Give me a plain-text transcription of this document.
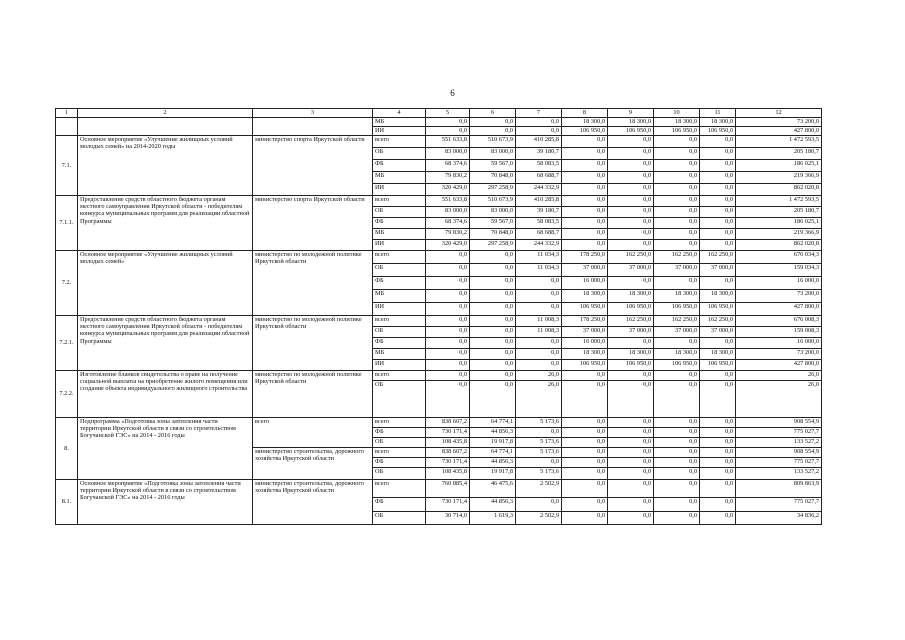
6
1	2	3	4	5	6	7	8	9	10	11	12
			МБ	0,0	0,0	0,0	18 300,0	18 300,0	18 300,0	18 300,0	73 200,0
			ИИ	0,0	0,0	0,0	106 950,0	106 950,0	106 950,0	106 950,0	427 800,0
7.1.	Основное мероприятие «Улучшение жилищных условий молодых семей» на 2014-2020 годы	министерство спорта Иркутской области	всего	551 633,8	510 673,9	410 285,8	0,0	0,0	0,0	0,0	1 472 593,5
			ОБ	83 000,0	83 000,0	39 180,7	0,0	0,0	0,0	0,0	205 180,7
			ФБ	68 374,6	59 567,0	58 083,5	0,0	0,0	0,0	0,0	186 025,1
			МБ	79 830,2	70 848,0	68 688,7	0,0	0,0	0,0	0,0	219 366,9
			ИИ	320 429,0	297 258,9	244 332,9	0,0	0,0	0,0	0,0	862 020,8
7.1.1.	Предоставление средств областного бюджета органам местного самоуправления Иркутской области - победителям конкурса муниципальных программ для реализации областной Программы	министерство спорта Иркутской области	всего	551 633,8	510 673,9	410 285,8	0,0	0,0	0,0	0,0	1 472 593,5
			ОБ	83 000,0	83 000,0	39 180,7	0,0	0,0	0,0	0,0	205 180,7
			ФБ	68 374,6	59 567,0	58 083,5	0,0	0,0	0,0	0,0	186 025,1
			МБ	79 830,2	70 848,0	68 688,7	0,0	0,0	0,0	0,0	219 366,9
			ИИ	320 429,0	297 258,9	244 332,9	0,0	0,0	0,0	0,0	862 020,8
7.2.	Основное мероприятие «Улучшение жилищных условий молодых семей»	министерство по молодежной политике Иркутской области	всего	0,0	0,0	11 034,3	178 250,0	162 250,0	162 250,0	162 250,0	676 034,3
			ОБ	0,0	0,0	11 034,3	37 000,0	37 000,0	37 000,0	37 000,0	159 034,3
			ФБ	0,0	0,0	0,0	16 000,0	0,0	0,0	0,0	16 000,0
			МБ	0,0	0,0	0,0	18 300,0	18 300,0	18 300,0	18 300,0	73 200,0
			ИИ	0,0	0,0	0,0	106 950,0	106 950,0	106 950,0	106 950,0	427 800,0
7.2.1.	Предоставление средств областного бюджета органам местного самоуправления Иркутской области - победителям конкурса муниципальных программ для реализации областной Программы	министерство по молодежной политике Иркутской области	всего	0,0	0,0	11 008,3	178 250,0	162 250,0	162 250,0	162 250,0	676 008,3
			ОБ	0,0	0,0	11 008,3	37 000,0	37 000,0	37 000,0	37 000,0	159 008,3
			ФБ	0,0	0,0	0,0	16 000,0	0,0	0,0	0,0	16 000,0
			МБ	0,0	0,0	0,0	18 300,0	18 300,0	18 300,0	18 300,0	73 200,0
			ИИ	0,0	0,0	0,0	106 950,0	106 950,0	106 950,0	106 950,0	427 800,0
7.2.2.	Изготовление бланков свидетельства о праве на получение социальной выплаты на приобретение жилого помещения или создание объекта индивидуального жилищного строительства	министерство по молодежной политике Иркутской области	всего	0,0	0,0	26,0	0,0	0,0	0,0	0,0	26,0
			ОБ	0,0	0,0	26,0	0,0	0,0	0,0	0,0	26,0
8.	Подпрограмма «Подготовка зоны затопления части территории Иркутской области в связи со строительством Богучанской ГЭС» на 2014 - 2016 годы	всего	всего	838 607,2	64 774,1	5 173,6	0,0	0,0	0,0	0,0	908 554,9
			ФБ	730 171,4	44 856,3	0,0	0,0	0,0	0,0	0,0	775 027,7
			ОБ	108 435,8	19 917,8	5 173,6	0,0	0,0	0,0	0,0	133 527,2
		министерство строительства, дорожного хозяйства Иркутской области	всего	838 607,2	64 774,1	5 173,6	0,0	0,0	0,0	0,0	908 554,9
			ФБ	730 171,4	44 856,3	0,0	0,0	0,0	0,0	0,0	775 027,7
			ОБ	108 435,8	19 917,8	5 173,6	0,0	0,0	0,0	0,0	133 527,2
8.1.	Основное мероприятие «Подготовка зоны затопления части территории Иркутской области в связи со строительством Богучанской ГЭС» на 2014 - 2016 годы	министерство строительства, дорожного хозяйства Иркутской области	всего	760 885,4	46 475,6	2 502,9	0,0	0,0	0,0	0,0	809 863,9
			ФБ	730 171,4	44 856,3	0,0	0,0	0,0	0,0	0,0	775 027,7
			ОБ	30 714,0	1 619,3	2 502,9	0,0	0,0	0,0	0,0	34 836,2
